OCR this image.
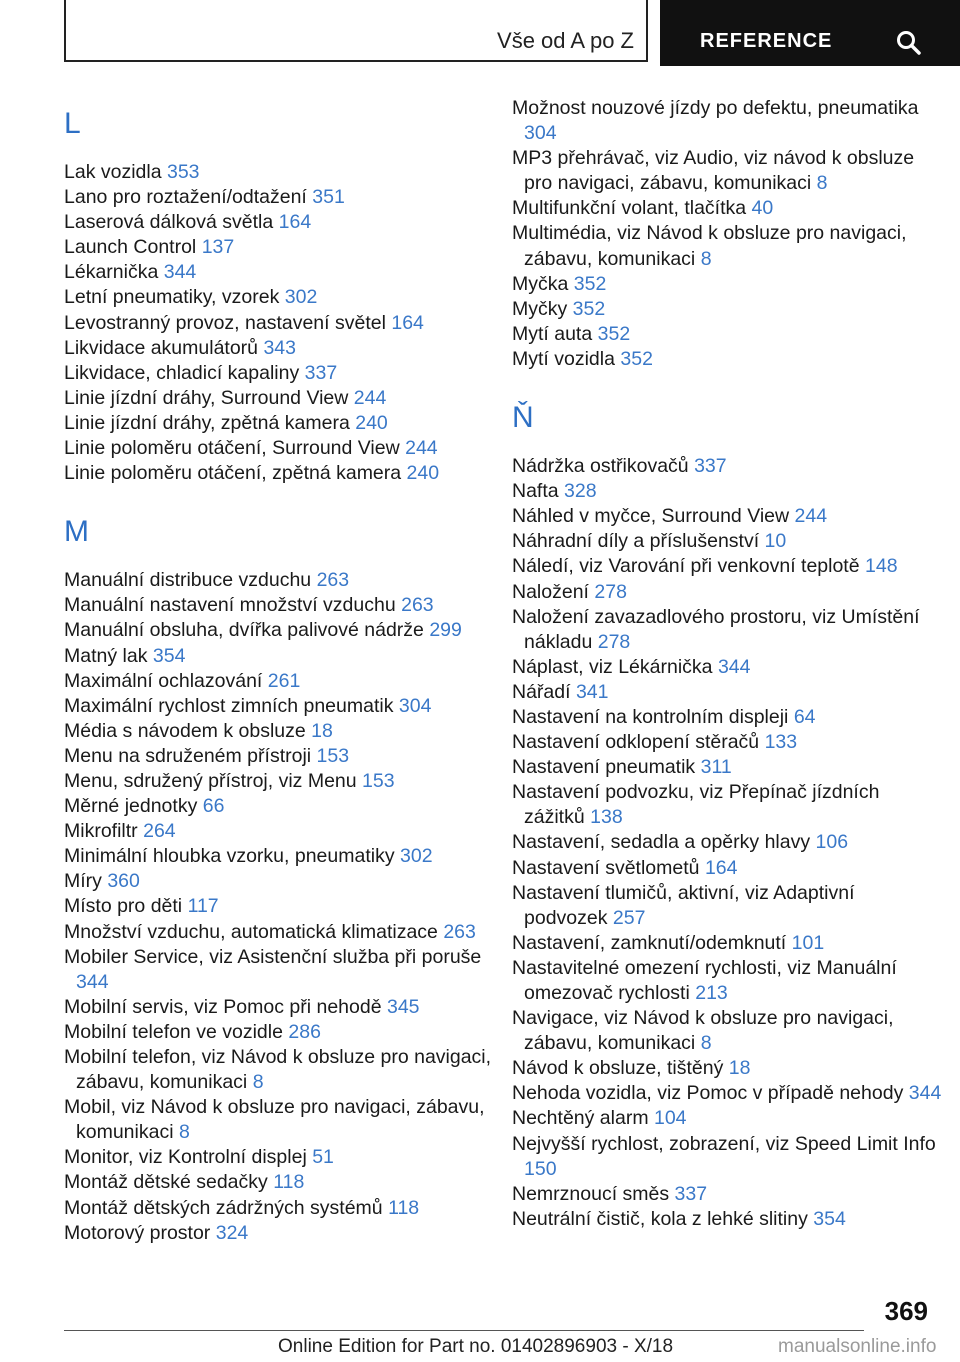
Vše od A po Z	REFERENCE
L
Lak vozidla 353
Lano pro roztažení/odtažení 351
Laserová dálková světla 164
Launch Control 137
Lékarnička 344
Letní pneumatiky, vzorek 302
Levostranný provoz, nastavení světel 164
Likvidace akumulátorů 343
Likvidace, chladicí kapaliny 337
Linie jízdní dráhy, Surround View 244
Linie jízdní dráhy, zpětná kamera 240
Linie poloměru otáčení, Surround View 244
Linie poloměru otáčení, zpětná kamera 240
M
Manuální distribuce vzduchu 263
Manuální nastavení množství vzduchu 263
Manuální obsluha, dvířka palivové nádrže 299
Matný lak 354
Maximální ochlazování 261
Maximální rychlost zimních pneumatik 304
Média s návodem k obsluze 18
Menu na sdruženém přístroji 153
Menu, sdružený přístroj, viz Menu 153
Měrné jednotky 66
Mikrofiltr 264
Minimální hloubka vzorku, pneumatiky 302
Míry 360
Místo pro děti 117
Množství vzduchu, automatická klimatizace 263
Mobiler Service, viz Asistenční služba při poruše 344
Mobilní servis, viz Pomoc při nehodě 345
Mobilní telefon ve vozidle 286
Mobilní telefon, viz Návod k obsluze pro navigaci, zábavu, komunikaci 8
Mobil, viz Návod k obsluze pro navigaci, zábavu, komunikaci 8
Monitor, viz Kontrolní displej 51
Montáž dětské sedačky 118
Montáž dětských zádržných systémů 118
Motorový prostor 324
Možnost nouzové jízdy po defektu, pneumatika 304
MP3 přehrávač, viz Audio, viz návod k obsluze pro navigaci, zábavu, komunikaci 8
Multifunkční volant, tlačítka 40
Multimédia, viz Návod k obsluze pro navigaci, zábavu, komunikaci 8
Myčka 352
Myčky 352
Mytí auta 352
Mytí vozidla 352
Ň
Nádržka ostřikovačů 337
Nafta 328
Náhled v myčce, Surround View 244
Náhradní díly a příslušenství 10
Náledí, viz Varování při venkovní teplotě 148
Naložení 278
Naložení zavazadlového prostoru, viz Umístění nákladu 278
Náplast, viz Lékárnička 344
Nářadí 341
Nastavení na kontrolním displeji 64
Nastavení odklopení stěračů 133
Nastavení pneumatik 311
Nastavení podvozku, viz Přepínač jízdních zážitků 138
Nastavení, sedadla a opěrky hlavy 106
Nastavení světlometů 164
Nastavení tlumičů, aktivní, viz Adaptivní podvozek 257
Nastavení, zamknutí/odemknutí 101
Nastavitelné omezení rychlosti, viz Manuální omezovač rychlosti 213
Navigace, viz Návod k obsluze pro navigaci, zábavu, komunikaci 8
Návod k obsluze, tištěný 18
Nehoda vozidla, viz Pomoc v případě nehody 344
Nechtěný alarm 104
Nejvyšší rychlost, zobrazení, viz Speed Limit Info 150
Nemrznoucí směs 337
Neutrální čistič, kola z lehké slitiny 354
369
Online Edition for Part no. 01402896903 - X/18	manualsonline.info
